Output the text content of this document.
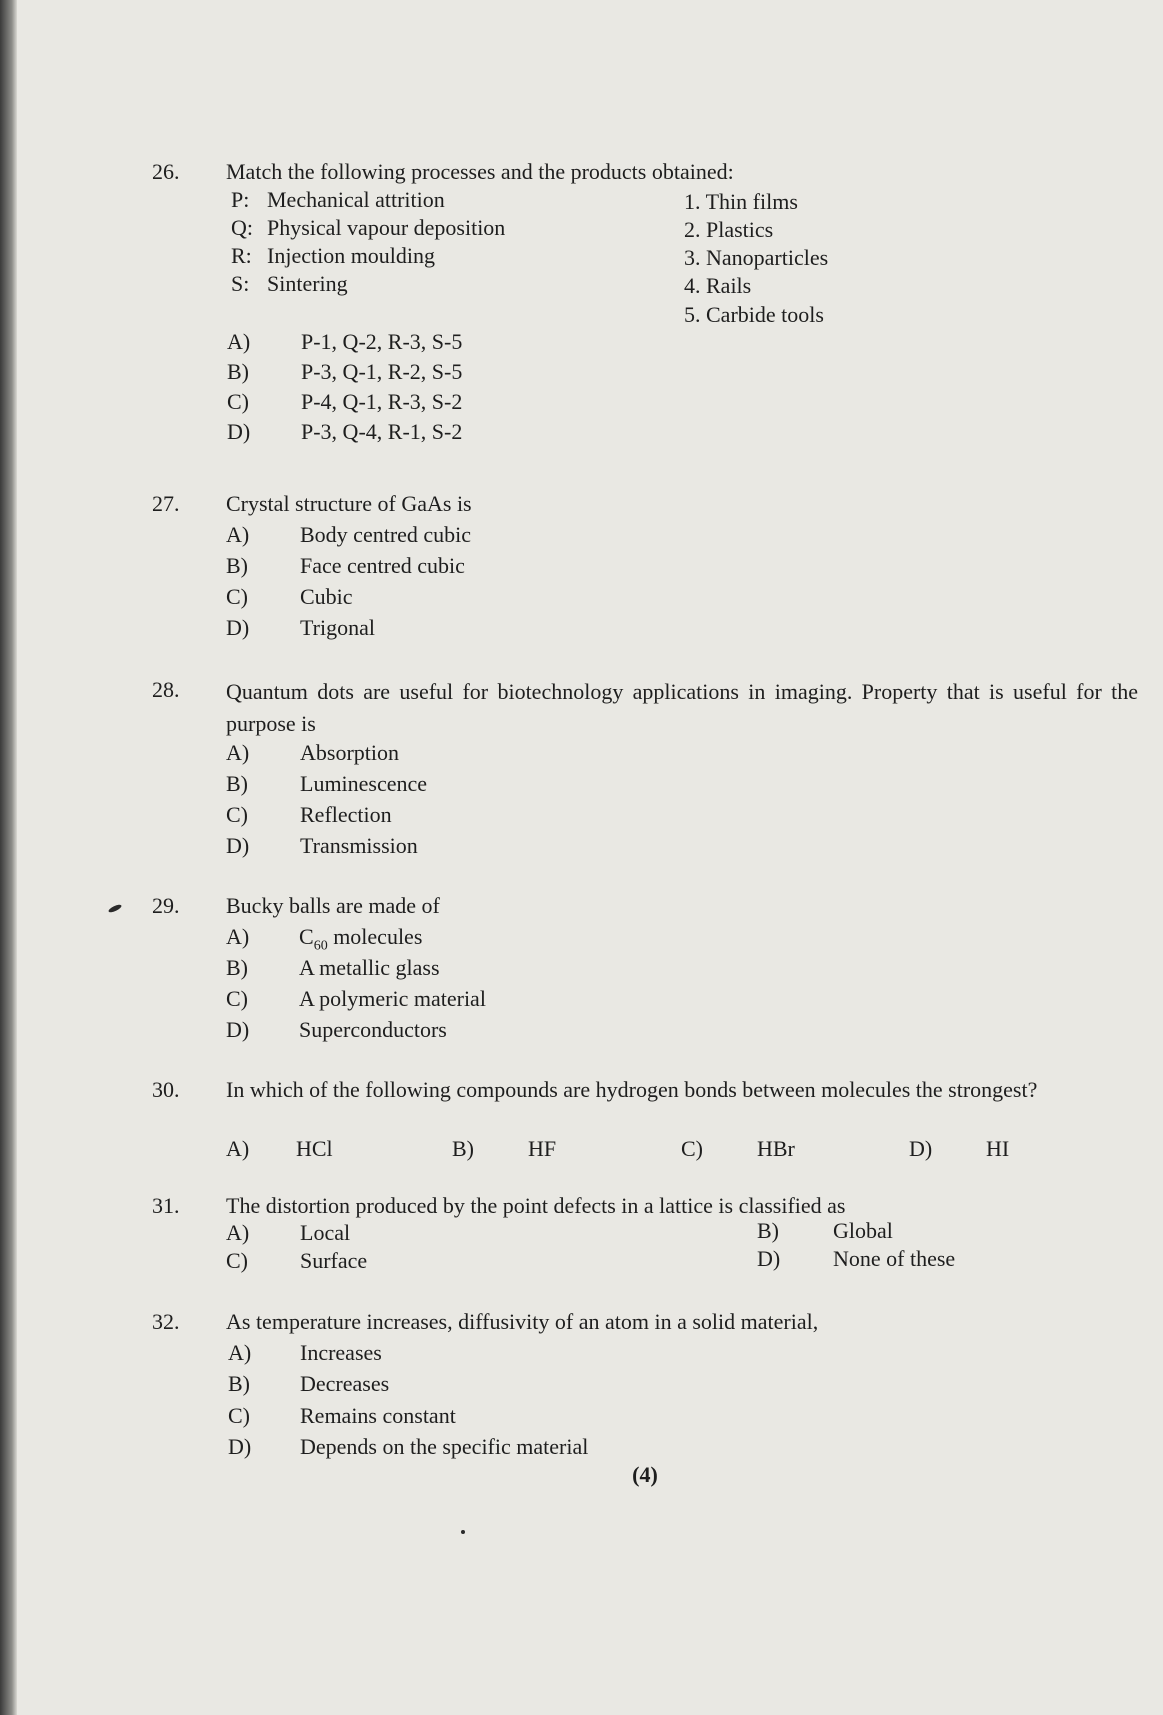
26. Match the following processes and the products obtained:
P: Mechanical attrition
Q: Physical vapour deposition
R: Injection moulding
S: Sintering
1. Thin films
2. Plastics
3. Nanoparticles
4. Rails
5. Carbide tools
A) P-1, Q-2, R-3, S-5
B) P-3, Q-1, R-2, S-5
C) P-4, Q-1, R-3, S-2
D) P-3, Q-4, R-1, S-2
27. Crystal structure of GaAs is
A) Body centred cubic
B) Face centred cubic
C) Cubic
D) Trigonal
28. Quantum dots are useful for biotechnology applications in imaging. Property that is useful for the purpose is
A) Absorption
B) Luminescence
C) Reflection
D) Transmission
29. Bucky balls are made of
A) $C_{60}$ molecules
B) A metallic glass
C) A polymeric material
D) Superconductors
30. In which of the following compounds are hydrogen bonds between molecules the strongest?
A) HCl	B) HF	C) HBr	D) HI
31. The distortion produced by the point defects in a lattice is classified as
A) Local	B) Global
C) Surface	D) None of these
32. As temperature increases, diffusivity of an atom in a solid material,
A) Increases
B) Decreases
C) Remains constant
D) Depends on the specific material
(4)
